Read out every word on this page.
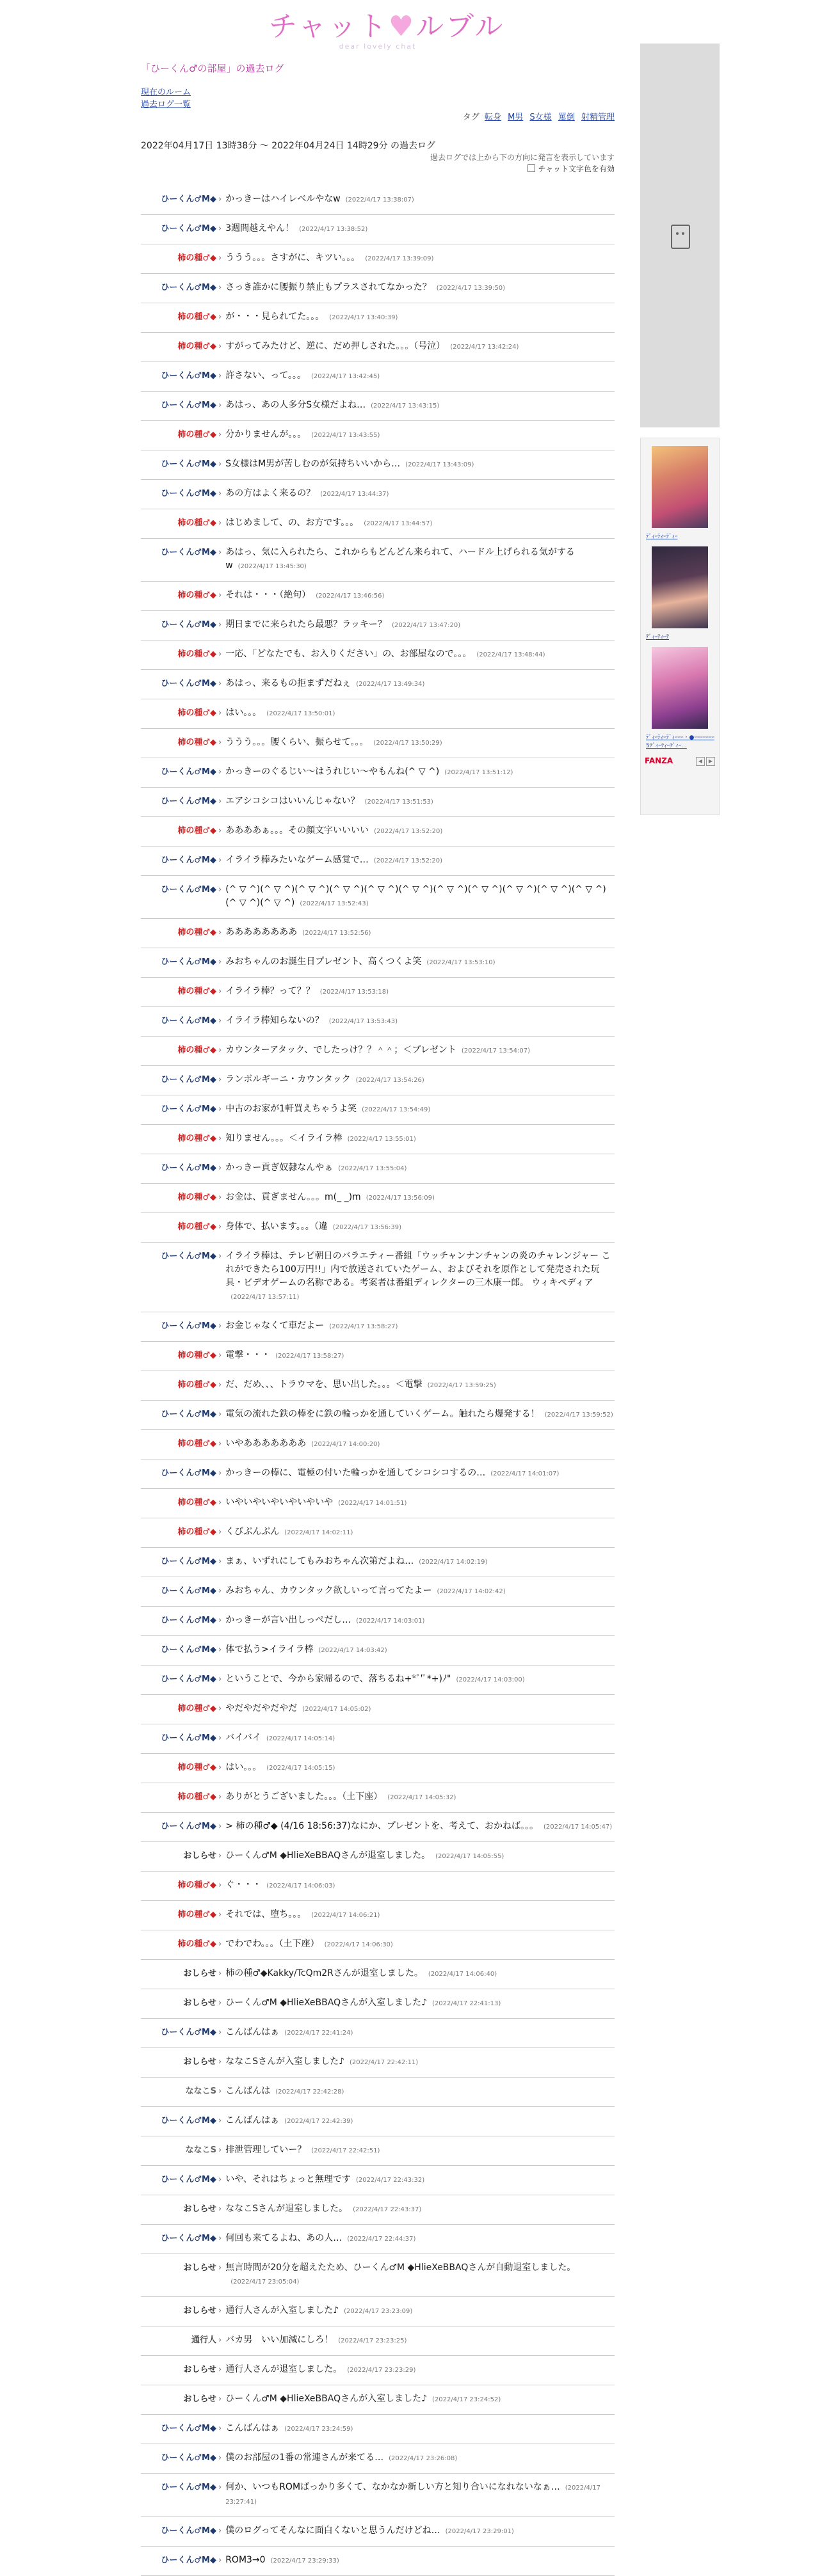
チャット♥ルブル
dear lovely chat
「ひーくん♂の部屋」の過去ログ
現在のルーム
過去ログ一覧
タグ 転身 M男 S女様 罵倒 射精管理
2022年04月17日 13時38分 ～ 2022年04月24日 14時29分 の過去ログ
過去ログでは上から下の方向に発言を表示しています
チャット文字色を有効
ひーくん♂M◆ › かっきーはハイレベルやなw (2022/4/17 13:38:07)
ひーくん♂M◆ › 3週間越えやん！ (2022/4/17 13:38:52)
柿の種♂◆ › ううう。。。さすがに、キツい。。。 (2022/4/17 13:39:09)
ひーくん♂M◆ › さっき誰かに腰振り禁止もプラスされてなかった？ (2022/4/17 13:39:50)
柿の種♂◆ › が・・・見られてた。。。 (2022/4/17 13:40:39)
柿の種♂◆ › すがってみたけど、逆に、だめ押しされた。。。（号泣） (2022/4/17 13:42:24)
ひーくん♂M◆ › 許さない、って。。。 (2022/4/17 13:42:45)
ひーくん♂M◆ › あはっ、あの人多分S女様だよね… (2022/4/17 13:43:15)
柿の種♂◆ › 分かりませんが。。。 (2022/4/17 13:43:55)
ひーくん♂M◆ › S女様はM男が苦しむのが気持ちいいから… (2022/4/17 13:43:09)
ひーくん♂M◆ › あの方はよく来るの？ (2022/4/17 13:44:37)
柿の種♂◆ › はじめまして、の、お方です。。。 (2022/4/17 13:44:57)
ひーくん♂M◆ › あはっ、気に入られたら、これからもどんどん来られて、ハードル上げられる気がするw (2022/4/17 13:45:30)
柿の種♂◆ › それは・・・（絶句） (2022/4/17 13:46:56)
ひーくん♂M◆ › 期日までに来られたら最悪？ラッキー？ (2022/4/17 13:47:20)
柿の種♂◆ › 一応、「どなたでも、お入りください」の、お部屋なので。。。 (2022/4/17 13:48:44)
ひーくん♂M◆ › あはっ、来るもの拒まずだねぇ (2022/4/17 13:49:34)
柿の種♂◆ › はい。。。 (2022/4/17 13:50:01)
柿の種♂◆ › ううう。。。腰くらい、振らせて。。。 (2022/4/17 13:50:29)
ひーくん♂M◆ › かっきーのぐるじい〜はうれじい〜やもんね(^ ▽ ^) (2022/4/17 13:51:12)
ひーくん♂M◆ › エアシコシコはいいんじゃない？ (2022/4/17 13:51:53)
柿の種♂◆ › ああああぁ。。。その顔文字いいいい (2022/4/17 13:52:20)
ひーくん♂M◆ › イライラ棒みたいなゲーム感覚で… (2022/4/17 13:52:20)
ひーくん♂M◆ › (^ ▽ ^)(^ ▽ ^)(^ ▽ ^)(^ ▽ ^)(^ ▽ ^)(^ ▽ ^)(^ ▽ ^)(^ ▽ ^)(^ ▽ ^)(^ ▽ ^)(^ ▽ ^)(^ ▽ ^)(^ ▽ ^) (2022/4/17 13:52:43)
柿の種♂◆ › ああああああああ (2022/4/17 13:52:56)
ひーくん♂M◆ › みおちゃんのお誕生日プレゼント、高くつくよ笑 (2022/4/17 13:53:10)
柿の種♂◆ › イライラ棒？って？？ (2022/4/17 13:53:18)
ひーくん♂M◆ › イライラ棒知らないの？ (2022/4/17 13:53:43)
柿の種♂◆ › カウンターアタック、でしたっけ？？＾＾；＜プレゼント (2022/4/17 13:54:07)
ひーくん♂M◆ › ランボルギーニ・カウンタック (2022/4/17 13:54:26)
ひーくん♂M◆ › 中古のお家が1軒買えちゃうよ笑 (2022/4/17 13:54:49)
柿の種♂◆ › 知りません。。。＜イライラ棒 (2022/4/17 13:55:01)
ひーくん♂M◆ › かっきー貢ぎ奴隷なんやぁ (2022/4/17 13:55:04)
柿の種♂◆ › お金は、貢ぎません。。。m(_ _)m (2022/4/17 13:56:09)
柿の種♂◆ › 身体で、払います。。。（違 (2022/4/17 13:56:39)
ひーくん♂M◆ › イライラ棒は、テレビ朝日のバラエティー番組「ウッチャンナンチャンの炎のチャレンジャー これができたら100万円!!」内で放送されていたゲーム、およびそれを原作として発売された玩具・ビデオゲームの名称である。考案者は番組ディレクターの三木康一郎。 ウィキペディア(2022/4/17 13:57:11)
ひーくん♂M◆ › お金じゃなくて車だよー (2022/4/17 13:58:27)
柿の種♂◆ › 電撃・・・ (2022/4/17 13:58:27)
柿の種♂◆ › だ、だめ、、、トラウマを、思い出した。。。＜電撃 (2022/4/17 13:59:25)
ひーくん♂M◆ › 電気の流れた鉄の棒をに鉄の輪っかを通していくゲーム。触れたら爆発する！ (2022/4/17 13:59:52)
柿の種♂◆ › いやあああああああ (2022/4/17 14:00:20)
ひーくん♂M◆ › かっきーの棒に、電極の付いた輪っかを通してシコシコするの… (2022/4/17 14:01:07)
柿の種♂◆ › いやいやいやいやいやいや (2022/4/17 14:01:51)
柿の種♂◆ › くびぶんぶん (2022/4/17 14:02:11)
ひーくん♂M◆ › まぁ、いずれにしてもみおちゃん次第だよね… (2022/4/17 14:02:19)
ひーくん♂M◆ › みおちゃん、カウンタック欲しいって言ってたよー (2022/4/17 14:02:42)
ひーくん♂M◆ › かっきーが言い出しっぺだし… (2022/4/17 14:03:01)
ひーくん♂M◆ › 体で払う>イライラ棒 (2022/4/17 14:03:42)
ひーくん♂M◆ › ということで、今から家帰るので、落ちるね+*ﾟ'ﾟ*+)ﾉ" (2022/4/17 14:03:00)
柿の種♂◆ › やだやだやだやだ (2022/4/17 14:05:02)
ひーくん♂M◆ › バイバイ (2022/4/17 14:05:14)
柿の種♂◆ › はい。。。 (2022/4/17 14:05:15)
柿の種♂◆ › ありがとうございました。。。（土下座） (2022/4/17 14:05:32)
ひーくん♂M◆ › > 柿の種♂◆ (4/16 18:56:37)なにか、プレゼントを、考えて、おかねば。。。 (2022/4/17 14:05:47)
おしらせ › ひーくん♂M ◆HlieXeBBAQさんが退室しました。 (2022/4/17 14:05:55)
柿の種♂◆ › ぐ・・・ (2022/4/17 14:06:03)
柿の種♂◆ › それでは、堕ち。。。 (2022/4/17 14:06:21)
柿の種♂◆ › でわでわ。。。（土下座） (2022/4/17 14:06:30)
おしらせ › 柿の種♂◆Kakky/TcQm2Rさんが退室しました。 (2022/4/17 14:06:40)
おしらせ › ひーくん♂M ◆HlieXeBBAQさんが入室しました♪ (2022/4/17 22:41:13)
ひーくん♂M◆ › こんばんはぁ (2022/4/17 22:41:24)
おしらせ › ななこSさんが入室しました♪ (2022/4/17 22:42:11)
ななこS › こんばんは (2022/4/17 22:42:28)
ひーくん♂M◆ › こんばんはぁ (2022/4/17 22:42:39)
ななこS › 排泄管理していー？ (2022/4/17 22:42:51)
ひーくん♂M◆ › いや、それはちょっと無理です (2022/4/17 22:43:32)
おしらせ › ななこSさんが退室しました。 (2022/4/17 22:43:37)
ひーくん♂M◆ › 何回も来てるよね、あの人… (2022/4/17 22:44:37)
おしらせ › 無言時間が20分を超えたため、ひーくん♂M ◆HlieXeBBAQさんが自動退室しました。(2022/4/17 23:05:04)
おしらせ › 通行人さんが入室しました♪ (2022/4/17 23:23:09)
通行人 › バカ男　いい加減にしろ！ (2022/4/17 23:23:25)
おしらせ › 通行人さんが退室しました。 (2022/4/17 23:23:29)
おしらせ › ひーくん♂M ◆HlieXeBBAQさんが入室しました♪ (2022/4/17 23:24:52)
ひーくん♂M◆ › こんばんはぁ (2022/4/17 23:24:59)
ひーくん♂M◆ › 僕のお部屋の1番の常連さんが来てる… (2022/4/17 23:26:08)
ひーくん♂M◆ › 何か、いつもROMばっかり多くて、なかなか新しい方と知り合いになれないなぁ… (2022/4/17 23:27:41)
ひーくん♂M◆ › 僕のログってそんなに面白くないと思うんだけどね… (2022/4/17 23:29:01)
ひーくん♂M◆ › ROM3→0 (2022/4/17 23:29:33)
ﾃﾞｨｰﾃｨｰﾃﾞｨｰ
ﾃﾞｨｰﾃｨｰﾃ
ﾃﾞｨｰﾃｨｰﾃﾞｨｰｰｰ・●ｰｰｰｰｰｰｰ5ﾃﾞｨｰﾃｨｰﾃﾞｨｰ...
FANZA	◀ ▶
